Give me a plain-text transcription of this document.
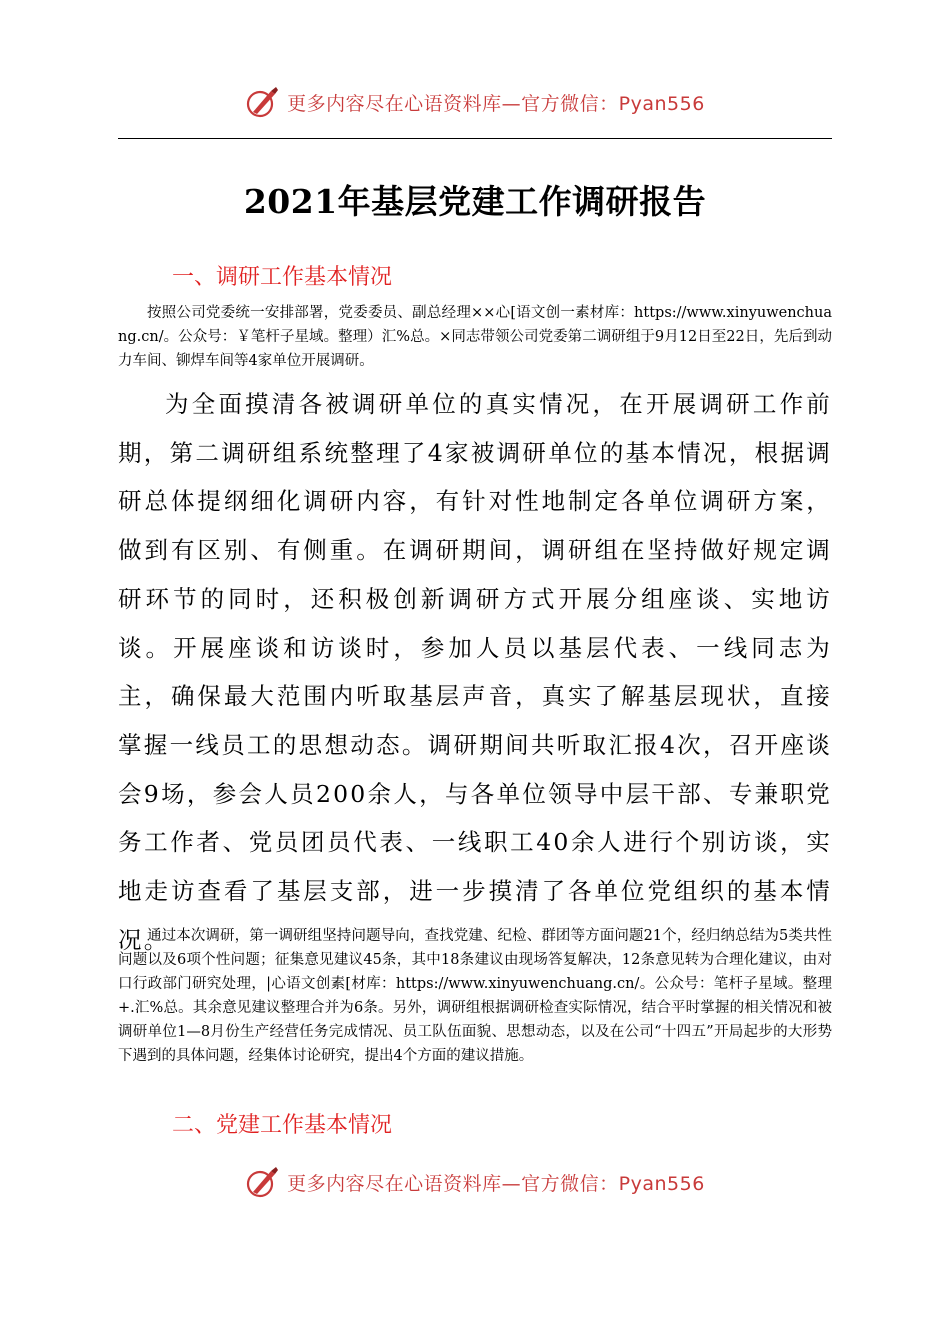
更多内容尽在心语资料库—官方微信：Pyan556
2021年基层党建工作调研报告
一、调研工作基本情况
按照公司党委统一安排部署，党委委员、副总经理××心[语文创一素材库：https://www.xinyuwenchuang.cn/。公众号：￥笔杆子星域。整理）汇%总。×同志带领公司党委第二调研组于9月12日至22日，先后到动力车间、铆焊车间等4家单位开展调研。
为全面摸清各被调研单位的真实情况，在开展调研工作前期，第二调研组系统整理了4家被调研单位的基本情况，根据调研总体提纲细化调研内容，有针对性地制定各单位调研方案，做到有区别、有侧重。在调研期间，调研组在坚持做好规定调研环节的同时，还积极创新调研方式开展分组座谈、实地访谈。开展座谈和访谈时，参加人员以基层代表、一线同志为主，确保最大范围内听取基层声音，真实了解基层现状，直接掌握一线员工的思想动态。调研期间共听取汇报4次，召开座谈会9场，参会人员200余人，与各单位领导中层干部、专兼职党务工作者、党员团员代表、一线职工40余人进行个别访谈，实地走访查看了基层支部，进一步摸清了各单位党组织的基本情况。
通过本次调研，第一调研组坚持问题导向，查找党建、纪检、群团等方面问题21个，经归纳总结为5类共性问题以及6项个性问题；征集意见建议45条，其中18条建议由现场答复解决，12条意见转为合理化建议，由对口行政部门研究处理，|心语文创素[材库：https://www.xinyuwenchuang.cn/。公众号：笔杆子星域。整理+.汇%总。其余意见建议整理合并为6条。另外，调研组根据调研检查实际情况，结合平时掌握的相关情况和被调研单位1—8月份生产经营任务完成情况、员工队伍面貌、思想动态，以及在公司“十四五”开局起步的大形势下遇到的具体问题，经集体讨论研究，提出4个方面的建议措施。
二、党建工作基本情况
更多内容尽在心语资料库—官方微信：Pyan556
